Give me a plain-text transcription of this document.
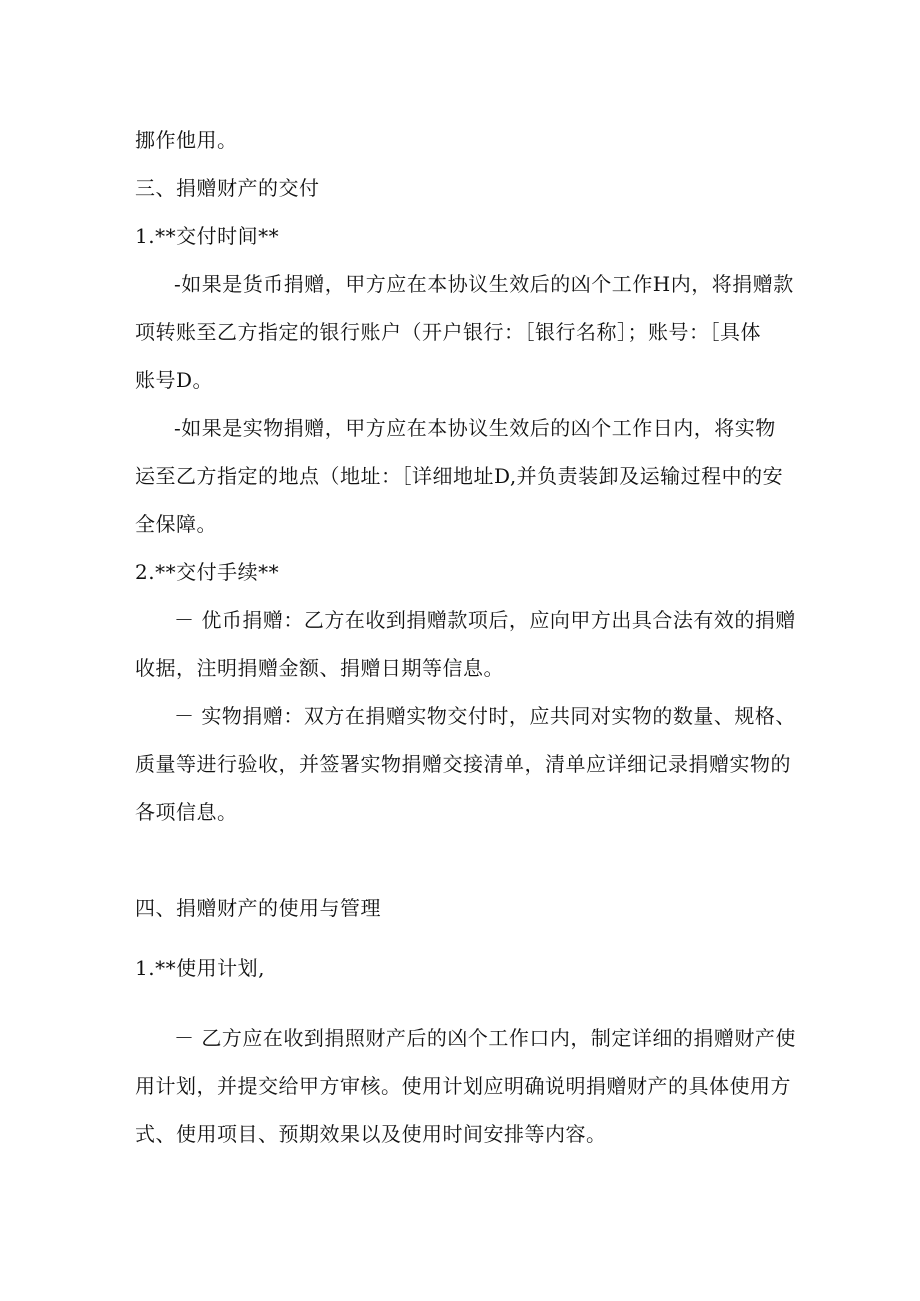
挪作他用。
三、捐赠财产的交付
1.**交付时间**
-如果是货币捐赠，甲方应在本协议生效后的凶个工作H内，将捐赠款
项转账至乙方指定的银行账户（开户银行：［银行名称］；账号：［具体
账号D。
-如果是实物捐赠，甲方应在本协议生效后的凶个工作日内，将实物
运至乙方指定的地点（地址：［详细地址D,并负责装卸及运输过程中的安
全保障。
2.**交付手续**
－ 优币捐赠：乙方在收到捐赠款项后，应向甲方出具合法有效的捐赠
收据，注明捐赠金额、捐赠日期等信息。
－ 实物捐赠：双方在捐赠实物交付时，应共同对实物的数量、规格、
质量等进行验收，并签署实物捐赠交接清单，清单应详细记录捐赠实物的
各项信息。
四、捐赠财产的使用与管理
1.**使用计划,
－ 乙方应在收到捐照财产后的凶个工作口内，制定详细的捐赠财产使
用计划，并提交给甲方审核。使用计划应明确说明捐赠财产的具体使用方
式、使用项目、预期效果以及使用时间安排等内容。
